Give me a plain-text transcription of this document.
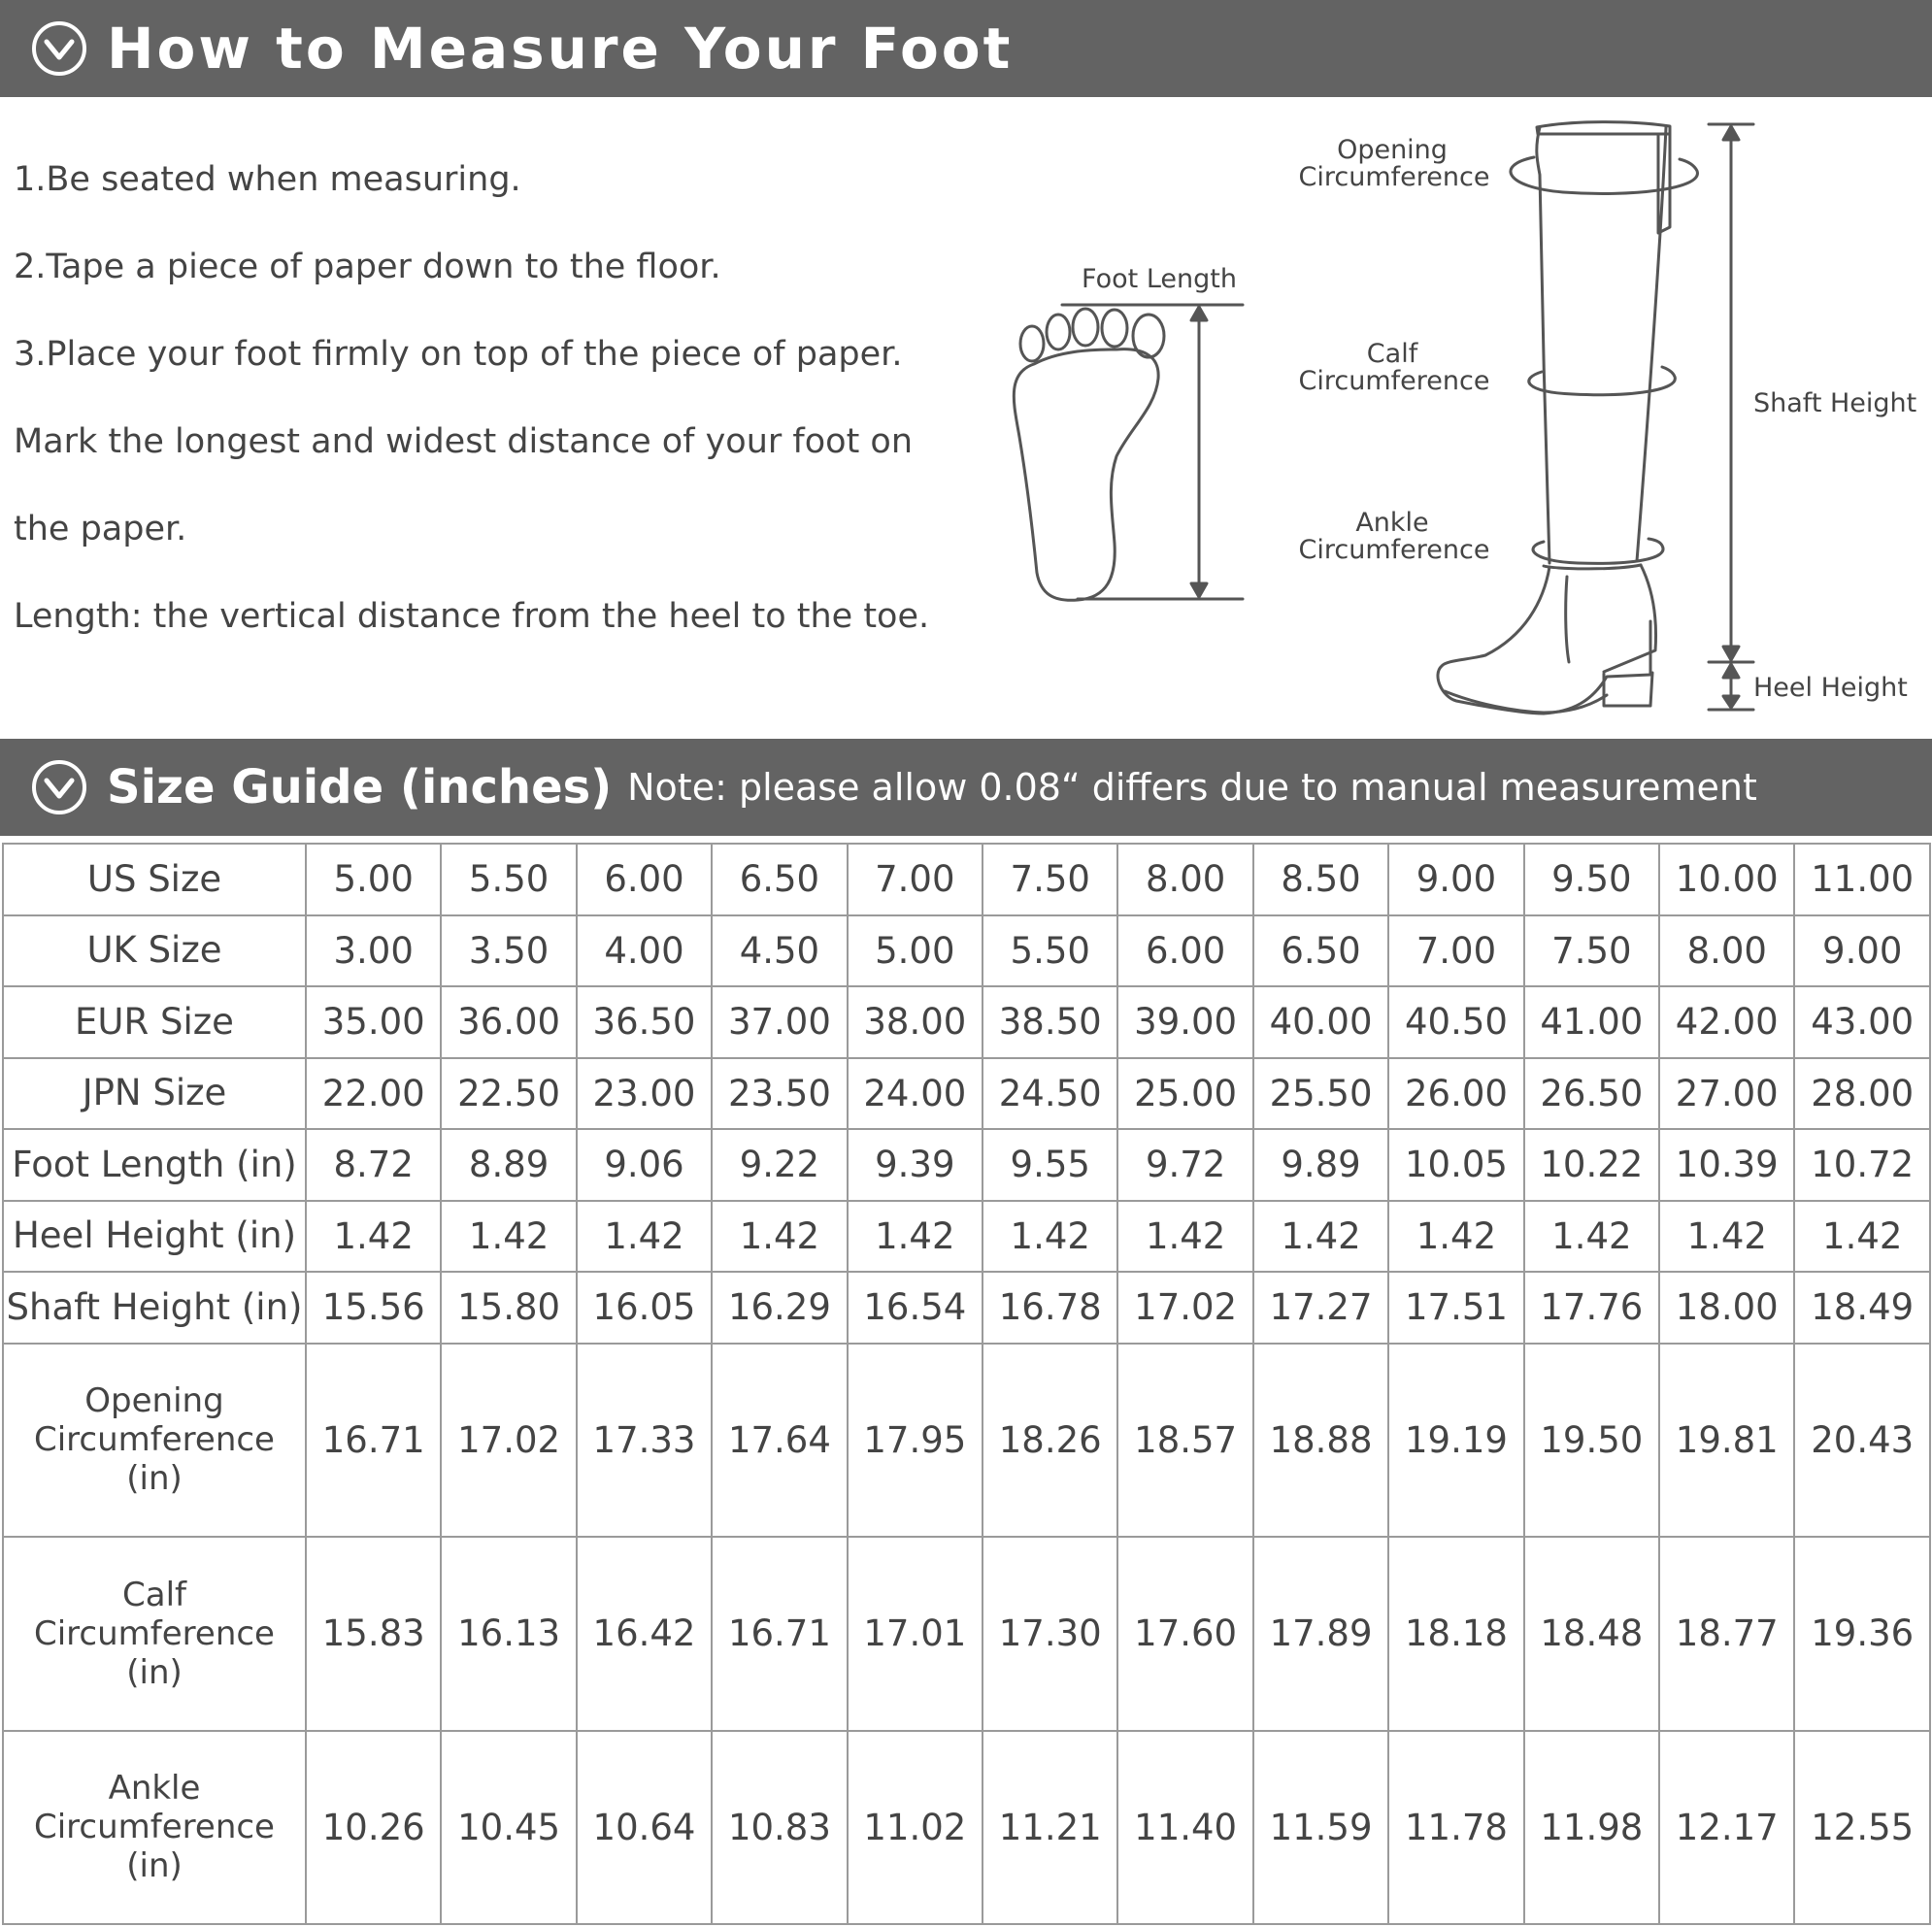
How to Measure Your Foot
1.Be seated when measuring.
2.Tape a piece of paper down to the floor.
3.Place your foot firmly on top of the piece of paper.
Mark the longest and widest distance of your foot on
the paper.
Length: the vertical distance from the heel to the toe.
Foot Length
Opening
Circumference
Calf
Circumference
Ankle
Circumference
Shaft Height
Heel Height
Size Guide (inches) Note: please allow 0.08“ differs due to manual measurement
US Size	5.00	5.50	6.00	6.50	7.00	7.50	8.00	8.50	9.00	9.50	10.00	11.00
UK Size	3.00	3.50	4.00	4.50	5.00	5.50	6.00	6.50	7.00	7.50	8.00	9.00
EUR Size	35.00	36.00	36.50	37.00	38.00	38.50	39.00	40.00	40.50	41.00	42.00	43.00
JPN Size	22.00	22.50	23.00	23.50	24.00	24.50	25.00	25.50	26.00	26.50	27.00	28.00
Foot Length (in)	8.72	8.89	9.06	9.22	9.39	9.55	9.72	9.89	10.05	10.22	10.39	10.72
Heel Height (in)	1.42	1.42	1.42	1.42	1.42	1.42	1.42	1.42	1.42	1.42	1.42	1.42
Shaft Height (in)	15.56	15.80	16.05	16.29	16.54	16.78	17.02	17.27	17.51	17.76	18.00	18.49

Opening
Circumference (in)	16.71	17.02	17.33	17.64	17.95	18.26	18.57	18.88	19.19	19.50	19.81	20.43

Calf
Circumference (in)	15.83	16.13	16.42	16.71	17.01	17.30	17.60	17.89	18.18	18.48	18.77	19.36

Ankle
Circumference (in)	10.26	10.45	10.64	10.83	11.02	11.21	11.40	11.59	11.78	11.98	12.17	12.55
